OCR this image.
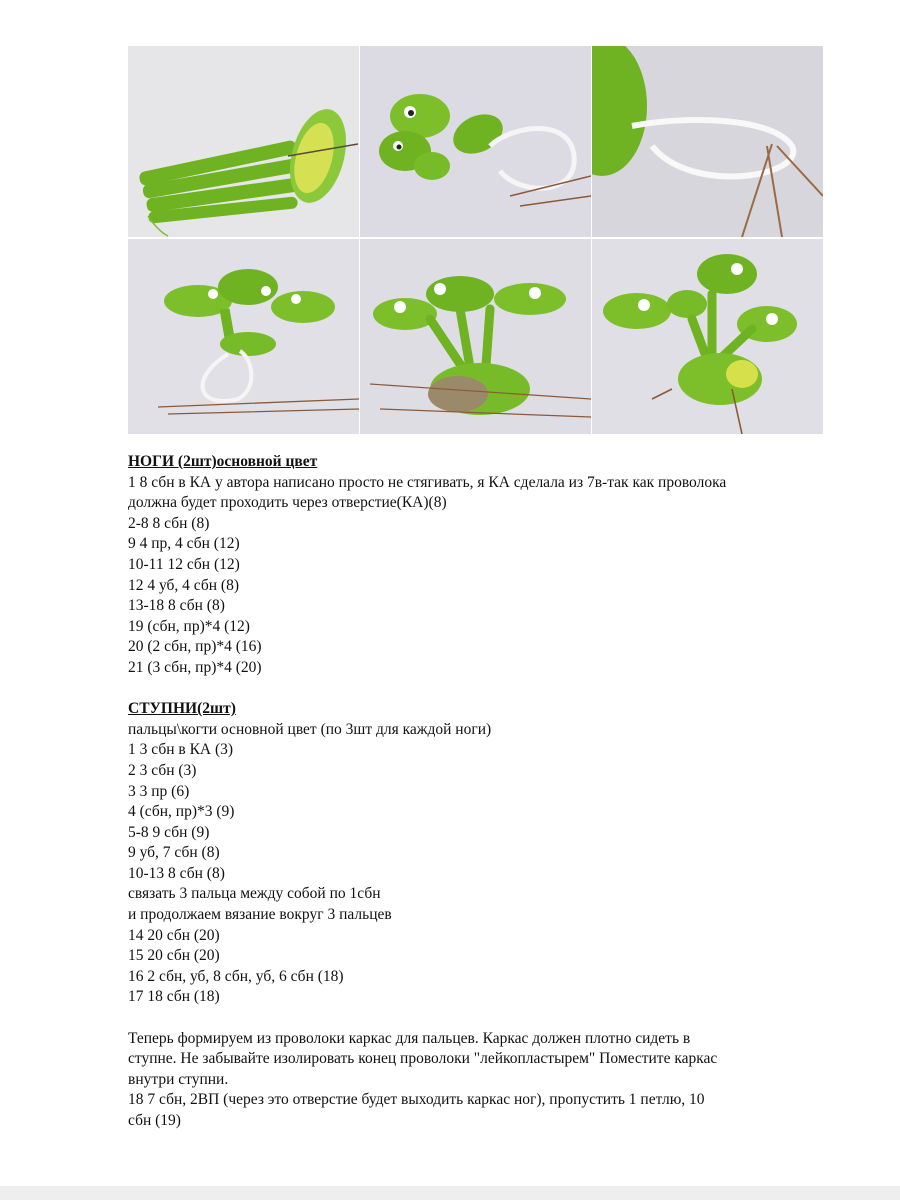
НОГИ (2шт)основной цвет
1 8 сбн в КА у автора написано просто не стягивать, я КА сделала из 7в-так как проволока
должна будет проходить через отверстие(КА)(8)
2-8 8 сбн (8)
9 4 пр, 4 сбн (12)
10-11 12 сбн (12)
12 4 уб, 4 сбн (8)
13-18 8 сбн (8)
19 (сбн, пр)*4 (12)
20 (2 сбн, пр)*4 (16)
21 (3 сбн, пр)*4 (20)
СТУПНИ(2шт)
пальцы\когти основной цвет (по 3шт для каждой ноги)
1 3 сбн в КА (3)
2 3 сбн (3)
3 3 пр (6)
4 (сбн, пр)*3 (9)
5-8 9 сбн (9)
9 уб, 7 сбн (8)
10-13 8 сбн (8)
связать 3 пальца между собой по 1сбн
и продолжаем вязание вокруг 3 пальцев
14 20 сбн (20)
15 20 сбн (20)
16 2 сбн, уб, 8 сбн, уб, 6 сбн (18)
17 18 сбн (18)
Теперь формируем из проволоки каркас для пальцев. Каркас должен плотно сидеть в
ступне. Не забывайте изолировать конец проволоки "лейкопластырем" Поместите каркас
внутри ступни.
18 7 сбн, 2ВП (через это отверстие будет выходить каркас ног), пропустить 1 петлю, 10
сбн (19)
